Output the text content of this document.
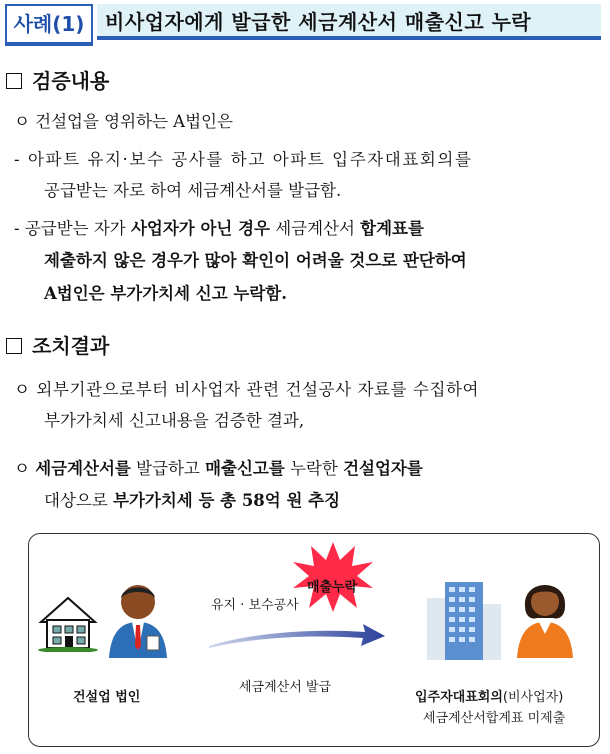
사례(1)	비사업자에게 발급한 세금계산서 매출신고 누락
검증내용
ㅇ 건설업을 영위하는 A법인은
- 아파트 유지·보수 공사를 하고 아파트 입주자대표회의를
공급받는 자로 하여 세금계산서를 발급함.
- 공급받는 자가 사업자가 아닌 경우 세금계산서 합계표를
제출하지 않은 경우가 많아 확인이 어려울 것으로 판단하여
A법인은 부가가치세 신고 누락함.
조치결과
ㅇ 외부기관으로부터 비사업자 관련 건설공사 자료를 수집하여
부가가치세 신고내용을 검증한 결과,
ㅇ 세금계산서를 발급하고 매출신고를 누락한 건설업자를
대상으로 부가가치세 등 총 58억 원 추징
유지 · 보수공사
매출누락
세금계산서 발급
건설업 법인	입주자대표회의(비사업자)
세금계산서합계표 미제출
